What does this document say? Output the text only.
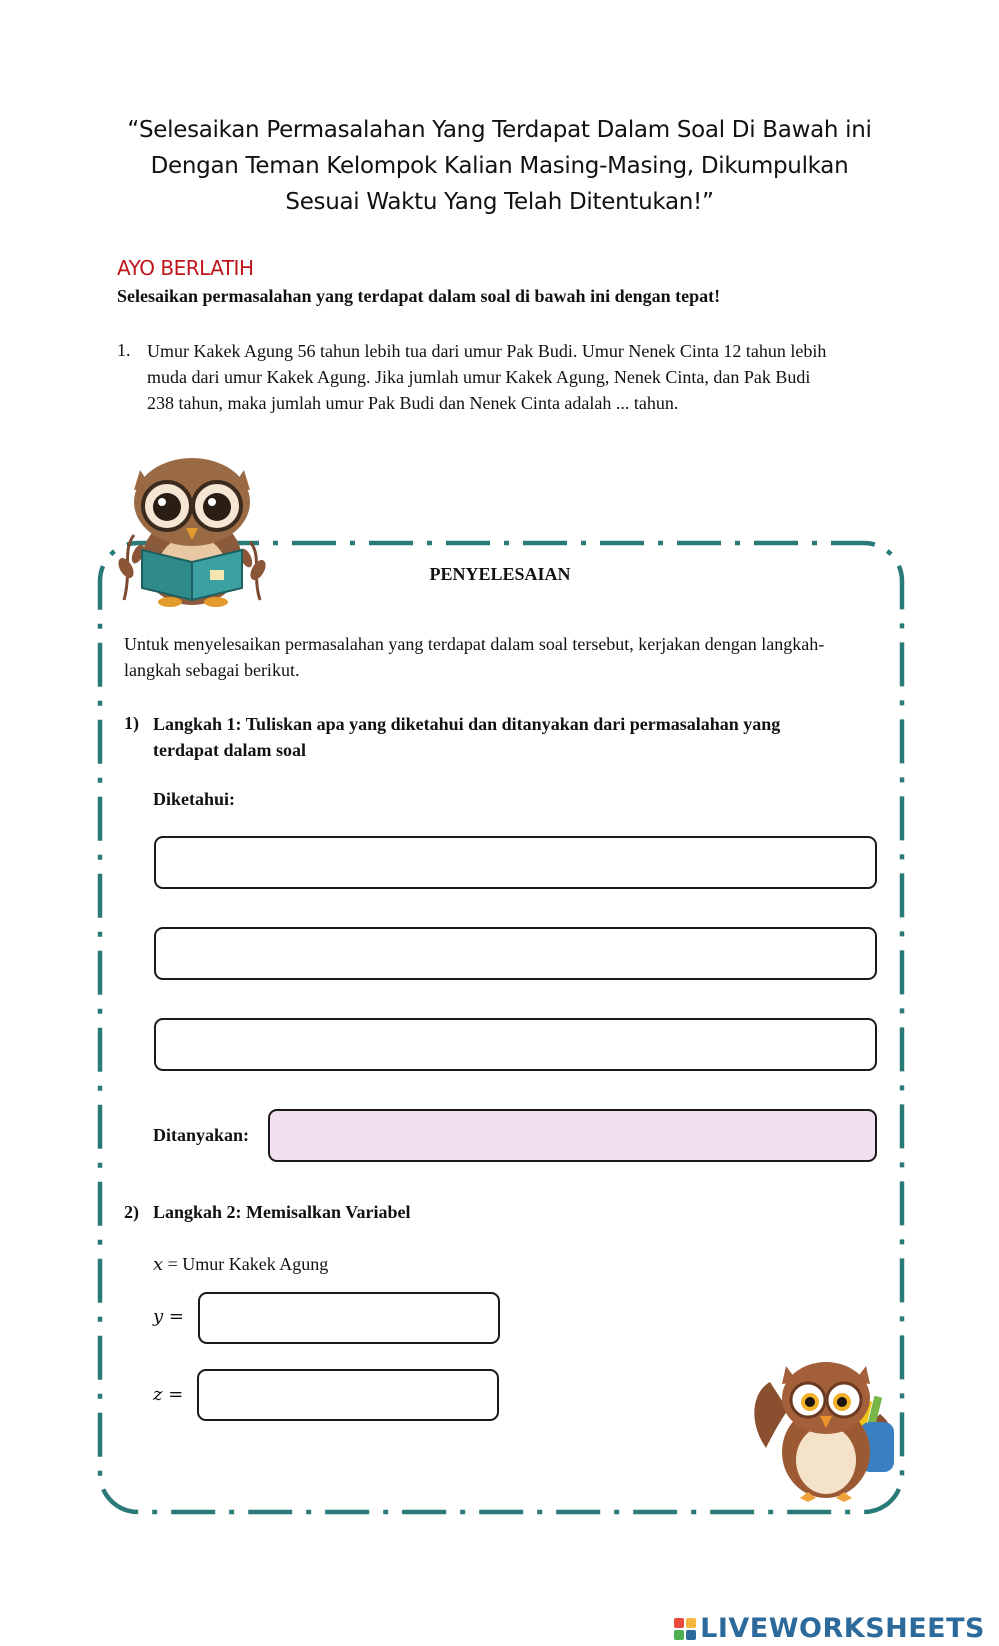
“Selesaikan Permasalahan Yang Terdapat Dalam Soal Di Bawah ini
Dengan Teman Kelompok Kalian Masing-Masing, Dikumpulkan
Sesuai Waktu Yang Telah Ditentukan!”
AYO BERLATIH
Selesaikan permasalahan yang terdapat dalam soal di bawah ini dengan tepat!
1. Umur Kakek Agung 56 tahun lebih tua dari umur Pak Budi. Umur Nenek Cinta 12 tahun lebih
muda dari umur Kakek Agung. Jika jumlah umur Kakek Agung, Nenek Cinta, dan Pak Budi
238 tahun, maka jumlah umur Pak Budi dan Nenek Cinta adalah ... tahun.
PENYELESAIAN
Untuk menyelesaikan permasalahan yang terdapat dalam soal tersebut, kerjakan dengan langkah-
langkah sebagai berikut.
1) Langkah 1: Tuliskan apa yang diketahui dan ditanyakan dari permasalahan yang
terdapat dalam soal
Diketahui:
Ditanyakan:
2) Langkah 2: Memisalkan Variabel
x = Umur Kakek Agung
y =
z =
LIVEWORKSHEETS
